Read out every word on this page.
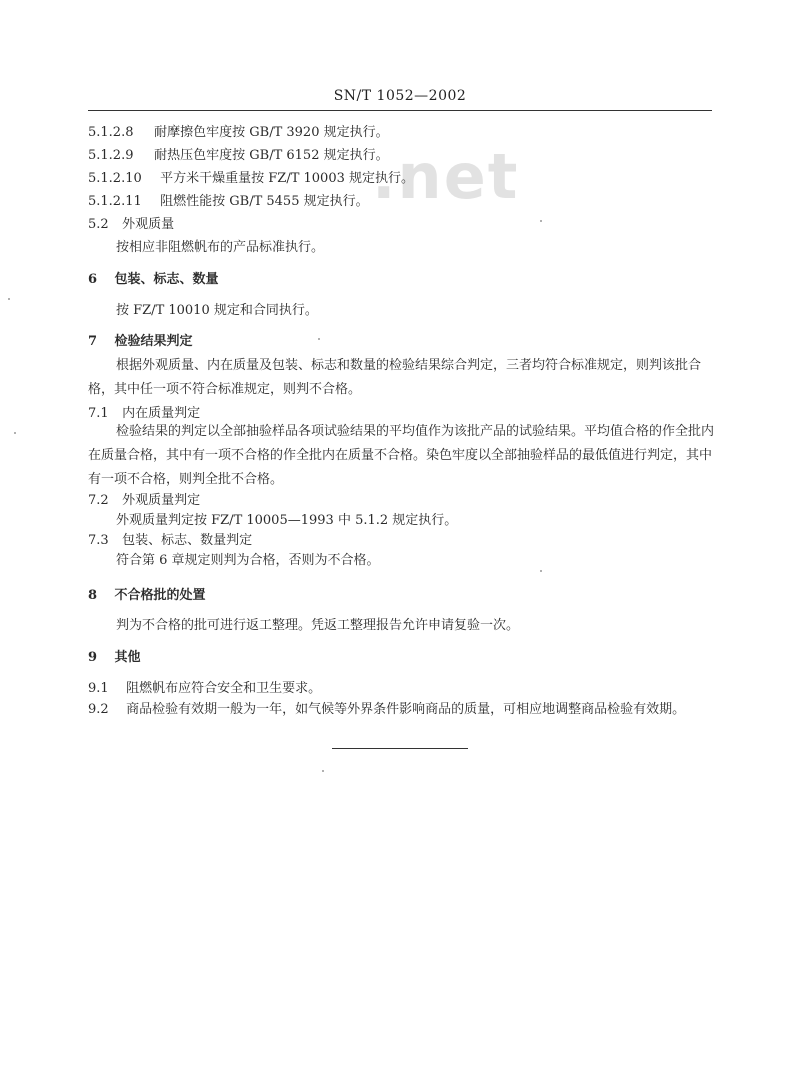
SN/T 1052—2002
.net
5.1.2.8 耐摩擦色牢度按 GB/T 3920 规定执行。
5.1.2.9 耐热压色牢度按 GB/T 6152 规定执行。
5.1.2.10 平方米干燥重量按 FZ/T 10003 规定执行。
5.1.2.11 阻燃性能按 GB/T 5455 规定执行。
5.2 外观质量
按相应非阻燃帆布的产品标准执行。
6 包装、标志、数量
按 FZ/T 10010 规定和合同执行。
7 检验结果判定
根据外观质量、内在质量及包装、标志和数量的检验结果综合判定，三者均符合标准规定，则判该批合格，其中任一项不符合标准规定，则判不合格。
7.1 内在质量判定
检验结果的判定以全部抽验样品各项试验结果的平均值作为该批产品的试验结果。平均值合格的作全批内在质量合格，其中有一项不合格的作全批内在质量不合格。染色牢度以全部抽验样品的最低值进行判定，其中有一项不合格，则判全批不合格。
7.2 外观质量判定
外观质量判定按 FZ/T 10005—1993 中 5.1.2 规定执行。
7.3 包装、标志、数量判定
符合第 6 章规定则判为合格，否则为不合格。
8 不合格批的处置
判为不合格的批可进行返工整理。凭返工整理报告允许申请复验一次。
9 其他
9.1 阻燃帆布应符合安全和卫生要求。
9.2 商品检验有效期一般为一年，如气候等外界条件影响商品的质量，可相应地调整商品检验有效期。
